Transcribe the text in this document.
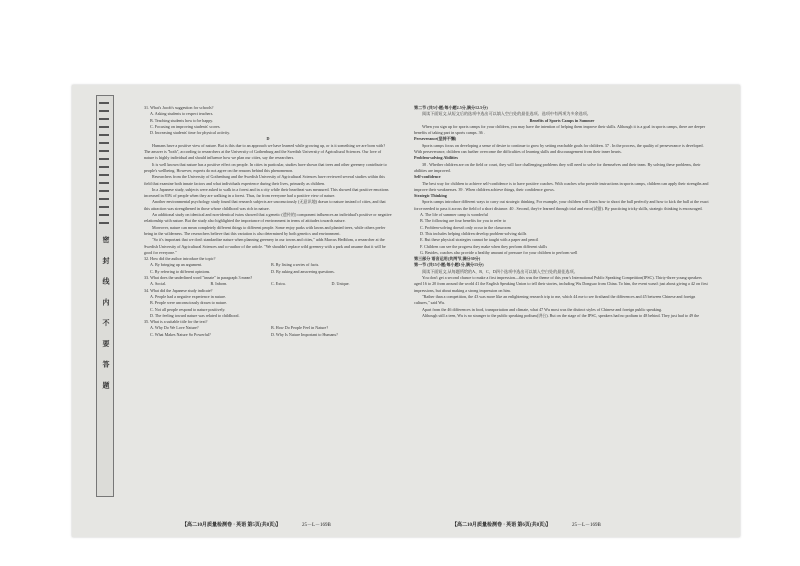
密 封 线 内 不 要 答 题

31. What's Jacob's suggestion for schools?

A. Asking students to respect teachers.

B. Teaching students how to be happy.

C. Focusing on improving students' scores.

D. Increasing students' time for physical activity.

D

Humans have a positive view of nature. But is this due to an approach we have learned while growing up, or is it something we are born with? The answer is "both", according to researchers at the University of Gothenburg and the Swedish University of Agricultural Sciences. Our love of nature is highly individual and should influence how we plan our cities, say the researchers.

It is well known that nature has a positive effect on people. In cities in particular, studies have shown that trees and other greenery contribute to people's wellbeing. However, experts do not agree on the reasons behind this phenomenon.

Researchers from the University of Gothenburg and the Swedish University of Agricultural Sciences have reviewed several studies within this field that examine both innate factors and what individuals experience during their lives, primarily as children.

In a Japanese study, subjects were asked to walk in a forest and in a city while their heartbeat was measured. This showed that positive emotions increased in 83% of people when they are walking in a forest. Thus, far from everyone had a positive view of nature.

Another environmental psychology study found that research subjects are unconsciously (无意识地) drawn to nature instead of cities, and that this attraction was strengthened in those whose childhood was rich in nature.

An additional study on identical and non-identical twins showed that a genetic (遗传的) component influences an individual's positive or negative relationship with nature. But the study also highlighted the importance of environment in terms of attitudes towards nature.

Moreover, nature can mean completely different things to different people. Some enjoy parks with lawns and planted trees, while others prefer being in the wilderness. The researchers believe that this variation is also determined by both genetics and environment.

"So it's important that we don't standardize nature when planning greenery in our towns and cities," adds Marcus Hedblom, a researcher at the Swedish University of Agricultural Sciences and co-author of the article. "We shouldn't replace wild greenery with a park and assume that it will be good for everyone."

32. How did the author introduce the topic?

A. By bringing up an argument.	B. By listing a series of facts.
C. By referring to different opinions.	D. By asking and answering questions.

33. What does the underlined word "innate" in paragraph 3 mean?

A. Social.	B. Inborn.	C. Extra.	D. Unique.

34. What did the Japanese study indicate?

A. People had a negative experience in nature.

B. People were unconsciously drawn to nature.

C. Not all people respond to nature positively.

D. The feeling toward nature was related to childhood.

35. What is a suitable title for the text?

A. Why Do We Love Nature?	B. How Do People Feel in Nature?
C. What Makes Nature So Powerful?	D. Why Is Nature Important to Humans?
【高二10月质量检测卷 · 英语 第5页(共8页)】	25－L－169B

第二节 (共5小题;每小题2.5分,满分12.5分)

阅读下面短文,从短文后的选项中选出可以填入空白处的最佳选项。选项中有两项为多余选项。

Benefits of Sports Camps in Summer

When you sign up for sports camps for your children, you may have the intention of helping them improve their skills. Although it is a goal in sports camps, there are deeper benefits of taking part in sports camps. 36 .

Perseverance(坚持不懈)

Sports camps focus on developing a sense of desire to continue to grow by setting reachable goals for children. 37 . In the process, the quality of perseverance is developed. With perseverance, children can further overcome the difficulties of learning skills and discouragement from their inner hearts.

Problem-solving Abilities

38 . Whether children are on the field or court, they will face challenging problems they will need to solve for themselves and their team. By solving these problems, their abilities are improved.

Self-confidence

The best way for children to achieve self-confidence is to have positive coaches. With coaches who provide instructions in sports camps, children can apply their strengths and improve their weaknesses. 39 . When children achieve things, their confidence grows.

Strategic Thinking

Sports camps introduce different ways to carry out strategic thinking. For example, your children will learn how to shoot the ball perfectly and how to kick the ball at the exact force needed to pass it across the field of a short distance. 40 . Second, they're learned through trial and error(试错). By practicing tricky skills, strategic thinking is encouraged.

A. The life of summer camp is wonderful

B. The following are four benefits for you to refer to

C. Problem-solving doesn't only occur in the classroom

D. This includes helping children develop problem-solving skills

E. But these physical strategies cannot be taught with a paper and pencil

F. Children can see the progress they make when they perform different skills

G. Besides, coaches also provide a healthy amount of pressure for your children to perform well

第三部分 语言运用(共两节,满分30分)

第一节 (共15小题;每小题1分,满分15分)

阅读下面短文,从每题所给的A、B、C、D四个选项中选出可以填入空白处的最佳选项。

You don't get a second chance to make a first impression—this was the theme of this year's International Public Speaking Competition(IPSC). Thirty-three young speakers aged 16 to 20 from around the world 41 the English Speaking Union to tell their stories, including Wu Dongsao from China. To him, the event wasn't just about giving a 42 on first impressions, but about making a strong impression on him.

"Rather than a competition, the 43 was more like an enlightening research trip to me, which 44 me to see firsthand the differences and 45 between Chinese and foreign cultures," said Wu.

Apart from the 46 differences in food, transportation and climate, what 47 Wu most was the distinct styles of Chinese and foreign public speaking.

Although still a teen, Wu is no stranger to the public speaking podium(讲台). But on the stage of the IPSC, speakers had no podium to 48 behind. They just had to 49 the

【高二10月质量检测卷 · 英语 第6页(共8页)】	25－L－169B
